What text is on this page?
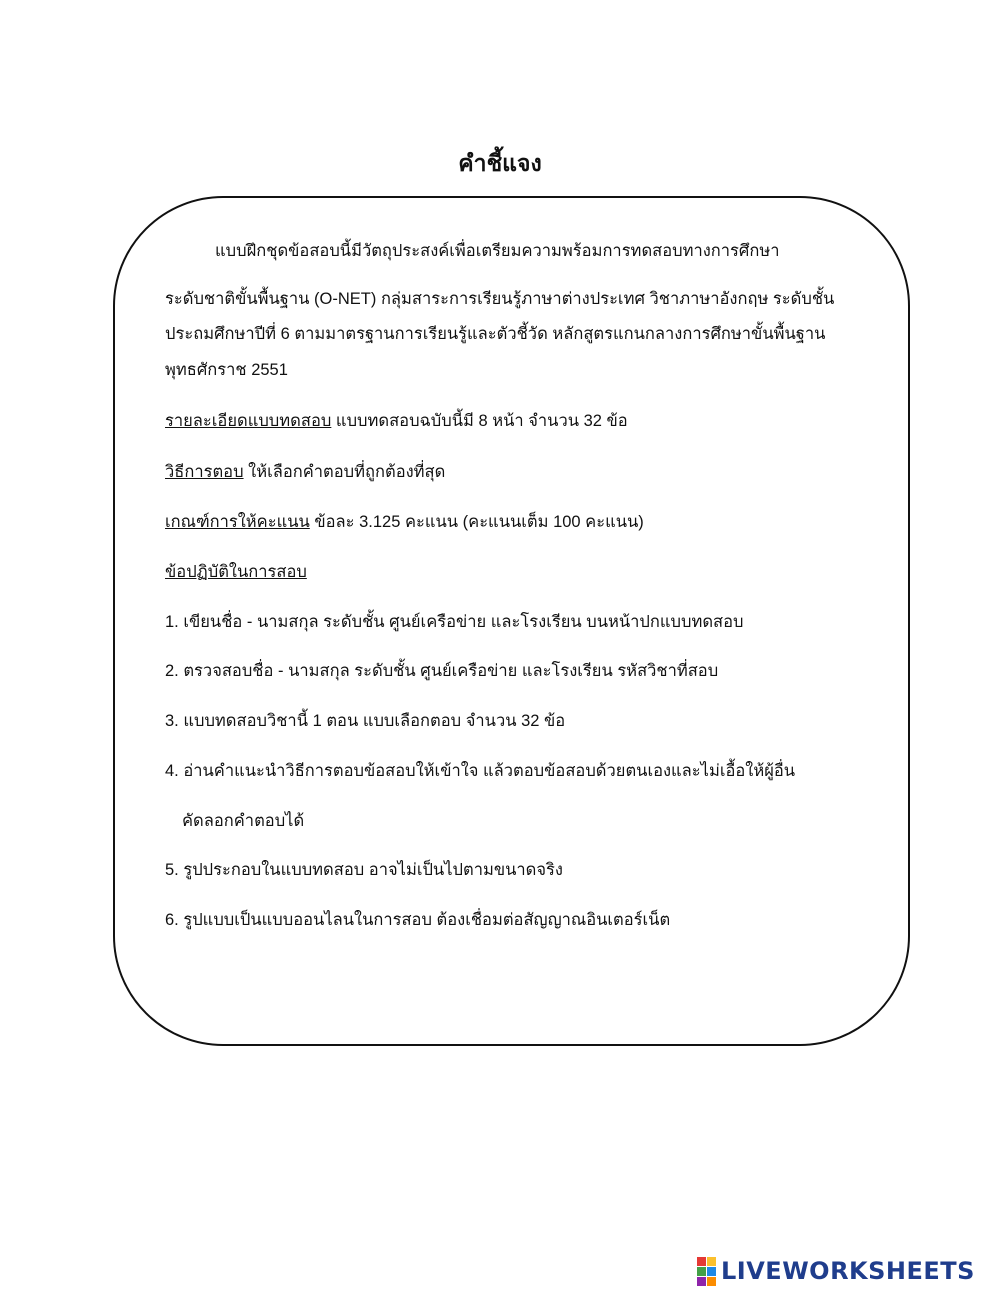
คำชี้แจง
แบบฝึกชุดข้อสอบนี้มีวัตถุประสงค์เพื่อเตรียมความพร้อมการทดสอบทางการศึกษา
ระดับชาติขั้นพื้นฐาน (O-NET) กลุ่มสาระการเรียนรู้ภาษาต่างประเทศ วิชาภาษาอังกฤษ ระดับชั้น
ประถมศึกษาปีที่ 6 ตามมาตรฐานการเรียนรู้และตัวชี้วัด หลักสูตรแกนกลางการศึกษาขั้นพื้นฐาน
พุทธศักราช 2551
รายละเอียดแบบทดสอบ แบบทดสอบฉบับนี้มี 8 หน้า จำนวน 32 ข้อ
วิธีการตอบ ให้เลือกคำตอบที่ถูกต้องที่สุด
เกณฑ์การให้คะแนน ข้อละ 3.125 คะแนน (คะแนนเต็ม 100 คะแนน)
ข้อปฏิบัติในการสอบ
1. เขียนชื่อ - นามสกุล ระดับชั้น ศูนย์เครือข่าย และโรงเรียน บนหน้าปกแบบทดสอบ
2. ตรวจสอบชื่อ - นามสกุล ระดับชั้น ศูนย์เครือข่าย และโรงเรียน รหัสวิชาที่สอบ
3. แบบทดสอบวิชานี้ 1 ตอน แบบเลือกตอบ จำนวน 32 ข้อ
4. อ่านคำแนะนำวิธีการตอบข้อสอบให้เข้าใจ แล้วตอบข้อสอบด้วยตนเองและไม่เอื้อให้ผู้อื่น
คัดลอกคำตอบได้
5. รูปประกอบในแบบทดสอบ อาจไม่เป็นไปตามขนาดจริง
6. รูปแบบเป็นแบบออนไลนในการสอบ ต้องเชื่อมต่อสัญญาณอินเตอร์เน็ต
LIVEWORKSHEETS
